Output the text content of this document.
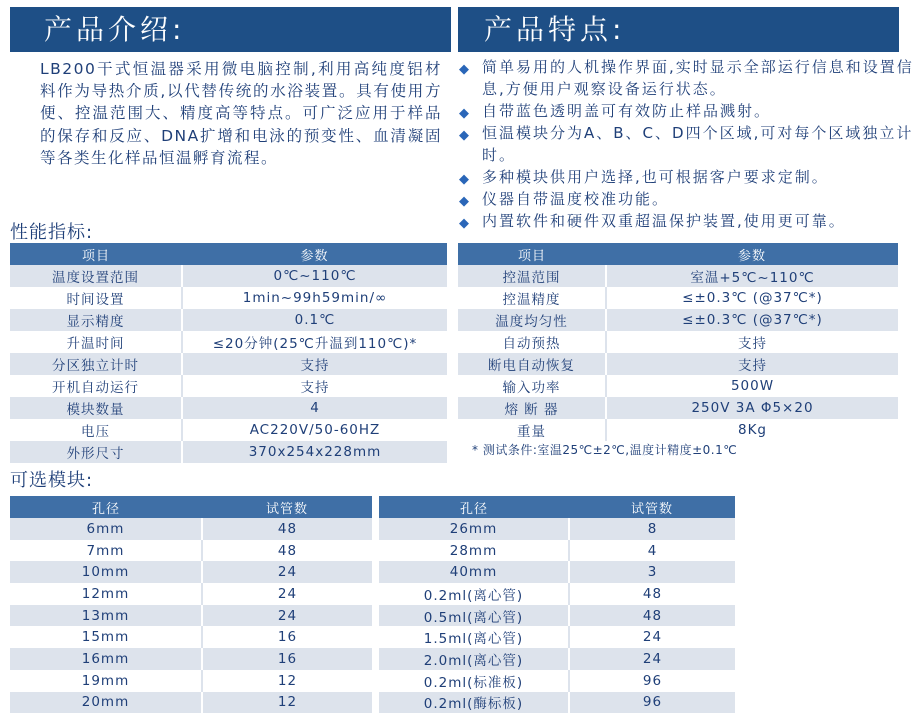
产品介绍:	产品特点:

LB200干式恒温器采用微电脑控制,利用高纯度铝材料作为导热介质,以代替传统的水浴装置。具有使用方便、控温范围大、精度高等特点。可广泛应用于样品的保存和反应、DNA扩增和电泳的预变性、血清凝固等各类生化样品恒温孵育流程。

◆ 简单易用的人机操作界面,实时显示全部运行信息和设置信息,方便用户观察设备运行状态。
◆ 自带蓝色透明盖可有效防止样品溅射。
◆ 恒温模块分为A、B、C、D四个区域,可对每个区域独立计时。
◆ 多种模块供用户选择,也可根据客户要求定制。
◆ 仪器自带温度校准功能。
◆ 内置软件和硬件双重超温保护装置,使用更可靠。
性能指标:
项目	参数
温度设置范围	0℃~110℃
时间设置	1min~99h59min/∞
显示精度	0.1℃
升温时间	≤20分钟(25℃升温到110℃)*
分区独立计时	支持
开机自动运行	支持
模块数量	4
电压	AC220V/50-60HZ
外形尺寸	370x254x228mm
项目	参数
控温范围	室温+5℃~110℃
控温精度	≤±0.3℃ (@37℃*)
温度均匀性	≤±0.3℃ (@37℃*)
自动预热	支持
断电自动恢复	支持
输入功率	500W
熔 断 器	250V 3A Φ5×20
重量	8Kg
* 测试条件:室温25℃±2℃,温度计精度±0.1℃
可选模块:
孔径	试管数
6mm	48
7mm	48
10mm	24
12mm	24
13mm	24
15mm	16
16mm	16
19mm	12
20mm	12
孔径	试管数
26mm	8
28mm	4
40mm	3
0.2ml(离心管)	48
0.5ml(离心管)	48
1.5ml(离心管)	24
2.0ml(离心管)	24
0.2ml(标准板)	96
0.2ml(酶标板)	96
